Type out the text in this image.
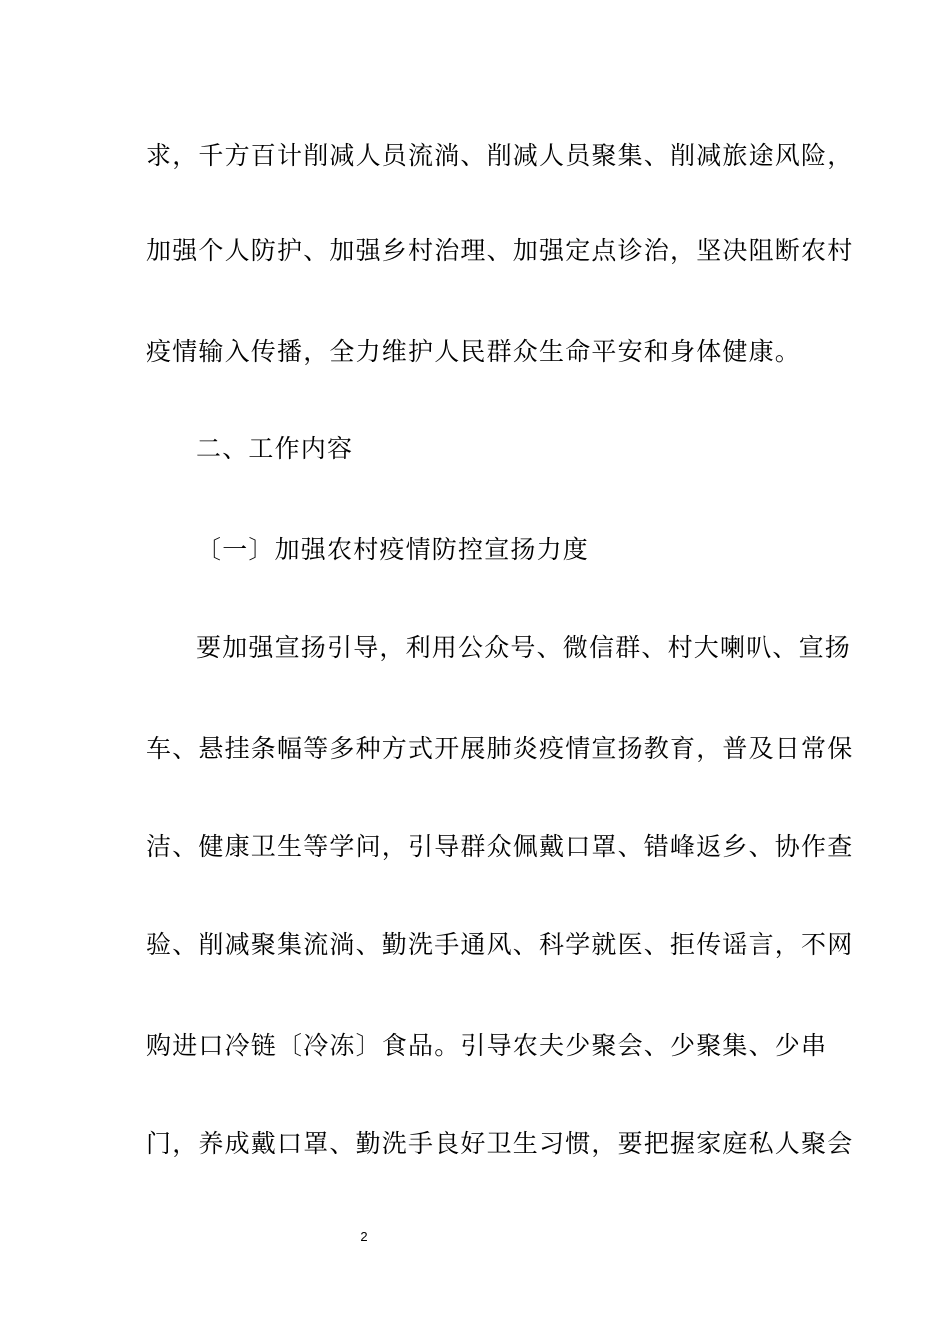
求，千方百计削减人员流淌、削减人员聚集、削减旅途风险，
加强个人防护、加强乡村治理、加强定点诊治，坚决阻断农村
疫情输入传播，全力维护人民群众生命平安和身体健康。
二、工作内容
〔一〕加强农村疫情防控宣扬力度
要加强宣扬引导，利用公众号、微信群、村大喇叭、宣扬
车、悬挂条幅等多种方式开展肺炎疫情宣扬教育，普及日常保
洁、健康卫生等学问，引导群众佩戴口罩、错峰返乡、协作查
验、削减聚集流淌、勤洗手通风、科学就医、拒传谣言，不网
购进口冷链〔冷冻〕食品。引导农夫少聚会、少聚集、少串
门，养成戴口罩、勤洗手良好卫生习惯，要把握家庭私人聚会
2
